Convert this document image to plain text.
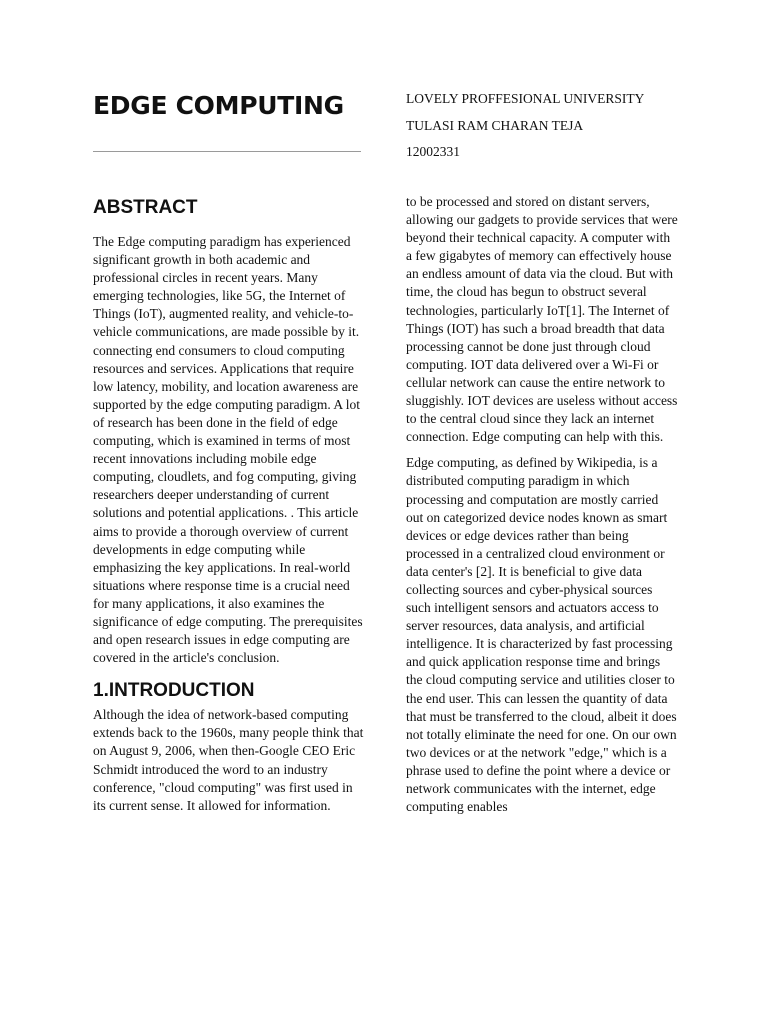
EDGE COMPUTING	LOVELY PROFFESIONAL UNIVERSITY
TULASI RAM CHARAN TEJA
12002331
ABSTRACT

The Edge computing paradigm has experienced significant growth in both academic and professional circles in recent years. Many emerging technologies, like 5G, the Internet of Things (IoT), augmented reality, and vehicle-to-vehicle communications, are made possible by it. connecting end consumers to cloud computing resources and services. Applications that require low latency, mobility, and location awareness are supported by the edge computing paradigm. A lot of research has been done in the field of edge computing, which is examined in terms of most recent innovations including mobile edge computing, cloudlets, and fog computing, giving researchers deeper understanding of current solutions and potential applications. . This article aims to provide a thorough overview of current developments in edge computing while emphasizing the key applications. In real-world situations where response time is a crucial need for many applications, it also examines the significance of edge computing. The prerequisites and open research issues in edge computing are covered in the article's conclusion.

1.INTRODUCTION

Although the idea of network-based computing extends back to the 1960s, many people think that on August 9, 2006, when then-Google CEO Eric Schmidt introduced the word to an industry conference, "cloud computing" was first used in its current sense. It allowed for information.

to be processed and stored on distant servers, allowing our gadgets to provide services that were beyond their technical capacity. A computer with a few gigabytes of memory can effectively house an endless amount of data via the cloud. But with time, the cloud has begun to obstruct several technologies, particularly IoT[1]. The Internet of Things (IOT) has such a broad breadth that data processing cannot be done just through cloud computing. IOT data delivered over a Wi-Fi or cellular network can cause the entire network to sluggishly. IOT devices are useless without access to the central cloud since they lack an internet connection. Edge computing can help with this.

Edge computing, as defined by Wikipedia, is a distributed computing paradigm in which processing and computation are mostly carried out on categorized device nodes known as smart devices or edge devices rather than being processed in a centralized cloud environment or data center's [2]. It is beneficial to give data collecting sources and cyber-physical sources such intelligent sensors and actuators access to server resources, data analysis, and artificial intelligence. It is characterized by fast processing and quick application response time and brings the cloud computing service and utilities closer to the end user. This can lessen the quantity of data that must be transferred to the cloud, albeit it does not totally eliminate the need for one. On our own two devices or at the network "edge," which is a phrase used to define the point where a device or network communicates with the internet, edge computing enables
